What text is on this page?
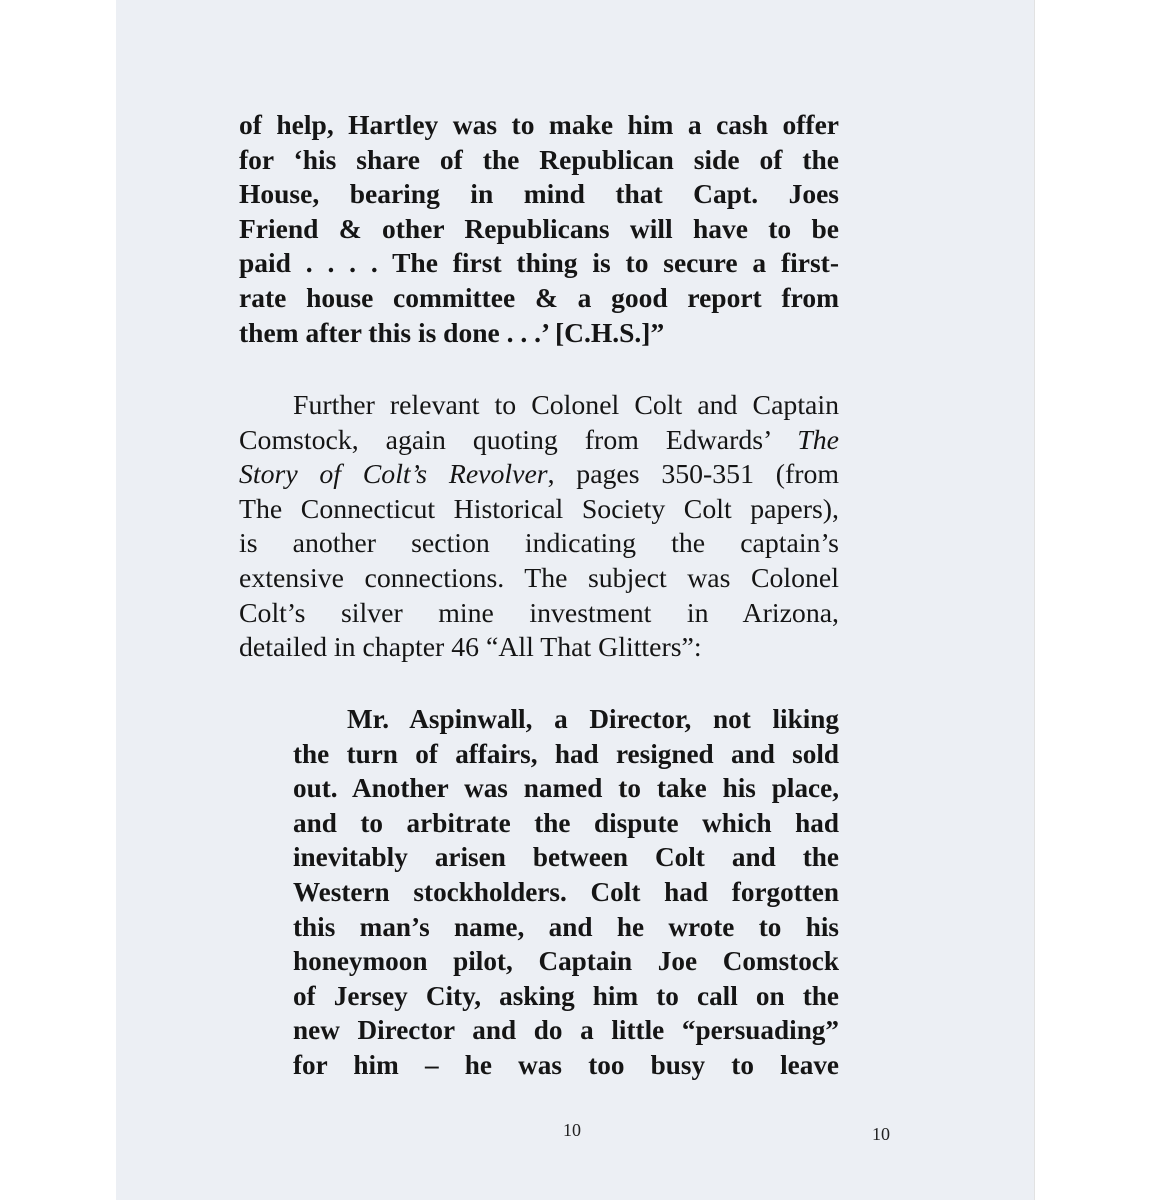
of help, Hartley was to make him a cash offer
for ‘his share of the Republican side of the
House, bearing in mind that Capt. Joes
Friend & other Republicans will have to be
paid . . . . The first thing is to secure a first-
rate house committee & a good report from
them after this is done . . .’ [C.H.S.]”
Further relevant to Colonel Colt and Captain
Comstock, again quoting from Edwards’ The
Story of Colt’s Revolver, pages 350-351 (from
The Connecticut Historical Society Colt papers),
is another section indicating the captain’s
extensive connections. The subject was Colonel
Colt’s silver mine investment in Arizona,
detailed in chapter 46 “All That Glitters”:
Mr. Aspinwall, a Director, not liking
the turn of affairs, had resigned and sold
out. Another was named to take his place,
and to arbitrate the dispute which had
inevitably arisen between Colt and the
Western stockholders. Colt had forgotten
this man’s name, and he wrote to his
honeymoon pilot, Captain Joe Comstock
of Jersey City, asking him to call on the
new Director and do a little “persuading”
for him – he was too busy to leave
10	10
